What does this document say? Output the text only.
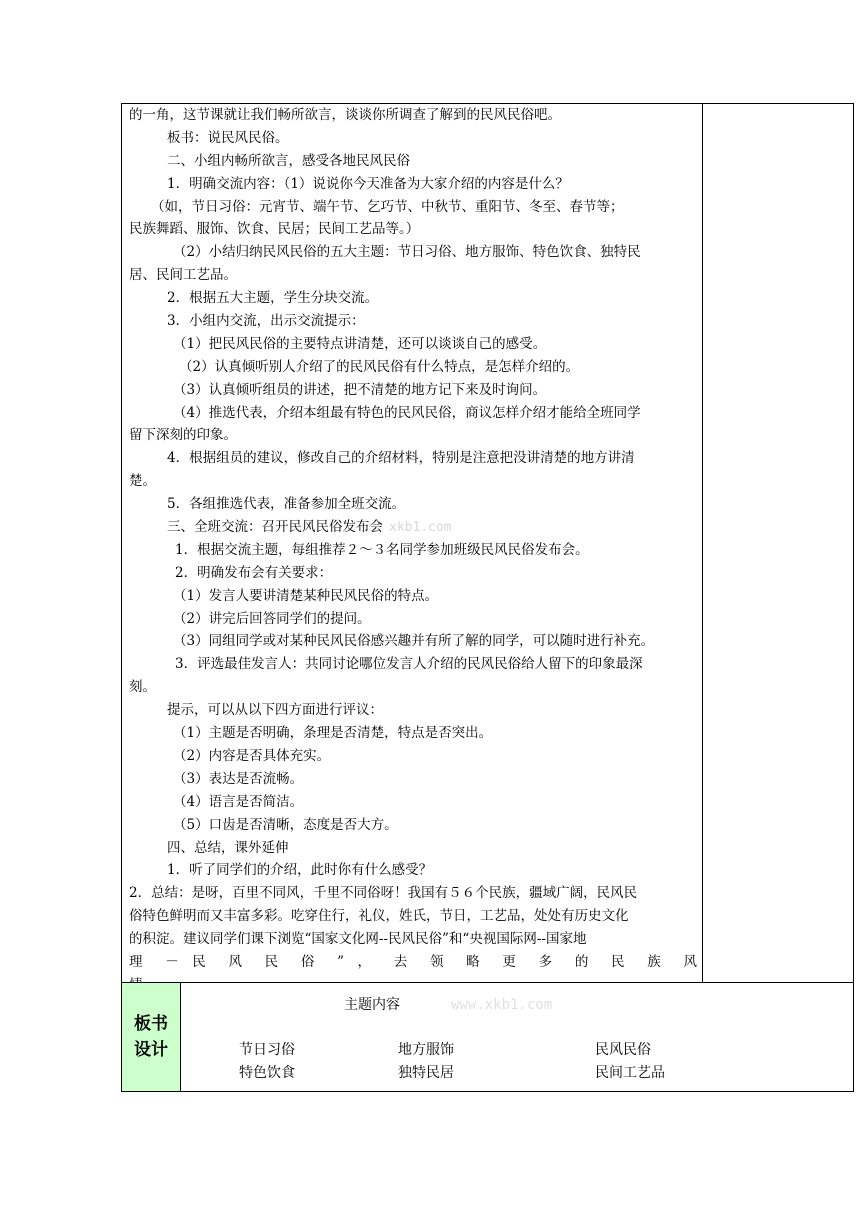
的一角，这节课就让我们畅所欲言，谈谈你所调查了解到的民风民俗吧。
板书：说民风民俗。
二、小组内畅所欲言，感受各地民风民俗
1．明确交流内容：（1）说说你今天准备为大家介绍的内容是什么？
（如，节日习俗：元宵节、端午节、乞巧节、中秋节、重阳节、冬至、春节等；
民族舞蹈、服饰、饮食、民居；民间工艺品等。）
（2）小结归纳民风民俗的五大主题：节日习俗、地方服饰、特色饮食、独特民
居、民间工艺品。
2．根据五大主题，学生分块交流。
3．小组内交流，出示交流提示：
（1）把民风民俗的主要特点讲清楚，还可以谈谈自己的感受。
（2）认真倾听别人介绍了的民风民俗有什么特点，是怎样介绍的。
（3）认真倾听组员的讲述，把不清楚的地方记下来及时询问。
（4）推选代表，介绍本组最有特色的民风民俗，商议怎样介绍才能给全班同学
留下深刻的印象。
4．根据组员的建议，修改自己的介绍材料，特别是注意把没讲清楚的地方讲清
楚。
5．各组推选代表，准备参加全班交流。
三、全班交流：召开民风民俗发布会 xkb1.com
1．根据交流主题，每组推荐２～３名同学参加班级民风民俗发布会。
2．明确发布会有关要求：
（1）发言人要讲清楚某种民风民俗的特点。
（2）讲完后回答同学们的提问。
（3）同组同学或对某种民风民俗感兴趣并有所了解的同学，可以随时进行补充。
3．评选最佳发言人：共同讨论哪位发言人介绍的民风民俗给人留下的印象最深
刻。
提示，可以从以下四方面进行评议：
（1）主题是否明确，条理是否清楚，特点是否突出。
（2）内容是否具体充实。
（3）表达是否流畅。
（4）语言是否简洁。
（5）口齿是否清晰，态度是否大方。
四、总结，课外延伸
1．听了同学们的介绍，此时你有什么感受？
2．总结：是呀，百里不同风，千里不同俗呀！我国有５６个民族，疆域广阔，民风民
俗特色鲜明而又丰富多彩。吃穿住行，礼仪，姓氏，节日，工艺品，处处有历史文化
的积淀。建议同学们课下浏览“国家文化网--民风民俗”和“央视国际网--国家地
理 － 民 风 民 俗 ” ， 去 领 略 更 多 的 民 族 风
板书
设计
主题内容	www.xkb1.com
节日习俗	地方服饰	民风民俗
特色饮食	独特民居	民间工艺品
